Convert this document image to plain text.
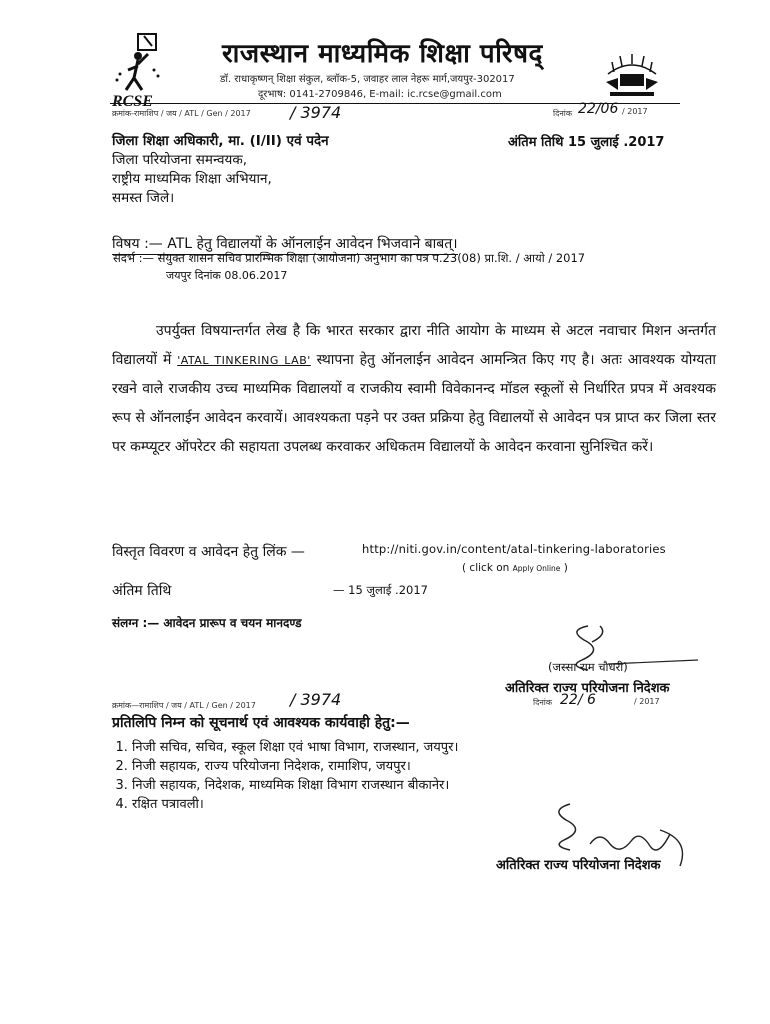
RCSE
राजस्थान माध्यमिक शिक्षा परिषद्
डॉ. राधाकृष्णन् शिक्षा संकुल, ब्लॉक-5, जवाहर लाल नेहरू मार्ग,जयपुर-302017
दूरभाष: 0141-2709846, E-mail: ic.rcse@gmail.com
क्रमांक-रामाशिप / जय / ATL / Gen / 2017 / 3974	दिनांक 22/06 / 2017
जिला शिक्षा अधिकारी, मा. (I/II) एवं पदेन
जिला परियोजना समन्वयक,
राष्ट्रीय माध्यमिक शिक्षा अभियान,
समस्त जिले।
अंतिम तिथि 15 जुलाई .2017
विषय :— ATL हेतु विद्यालयों के ऑनलाईन आवेदन भिजवाने बाबत्।
संदर्भ :— संयुक्त शासन सचिव प्रारम्भिक शिक्षा (आयोजना) अनुभाग का पत्र प.23(08) प्रा.शि. / आयो / 2017
जयपुर दिनांक 08.06.2017
उपर्युक्त विषयान्तर्गत लेख है कि भारत सरकार द्वारा नीति आयोग के माध्यम से अटल नवाचार मिशन अन्तर्गत विद्यालयों में 'ATAL TINKERING LAB' स्थापना हेतु ऑनलाईन आवेदन आमन्त्रित किए गए है। अतः आवश्यक योग्यता रखने वाले राजकीय उच्च माध्यमिक विद्यालयों व राजकीय स्वामी विवेकानन्द मॉडल स्कूलों से निर्धारित प्रपत्र में अवश्यक रूप से ऑनलाईन आवेदन करवायें। आवश्यकता पड़ने पर उक्त प्रक्रिया हेतु विद्यालयों से आवेदन पत्र प्राप्त कर जिला स्तर पर कम्प्यूटर ऑपरेटर की सहायता उपलब्ध करवाकर अधिकतम विद्यालयों के आवेदन करवाना सुनिश्चित करें।
विस्तृत विवरण व आवेदन हेतु लिंक —	http://niti.gov.in/content/atal-tinkering-laboratories
( click on Apply Online )
अंतिम तिथि	— 15 जुलाई .2017
संलग्न :— आवेदन प्रारूप व चयन मानदण्ड
(जस्सा राम चौधरी)
अतिरिक्त राज्य परियोजना निदेशक
दिनांक 22/ 6	/ 2017
क्रमांक—रामाशिप / जय / ATL / Gen / 2017 / 3974
प्रतिलिपि निम्न को सूचनार्थ एवं आवश्यक कार्यवाही हेतु:—
1. निजी सचिव, सचिव, स्कूल शिक्षा एवं भाषा विभाग, राजस्थान, जयपुर।
2. निजी सहायक, राज्य परियोजना निदेशक, रामाशिप, जयपुर।
3. निजी सहायक, निदेशक, माध्यमिक शिक्षा विभाग राजस्थान बीकानेर।
4. रक्षित पत्रावली।
अतिरिक्त राज्य परियोजना निदेशक
